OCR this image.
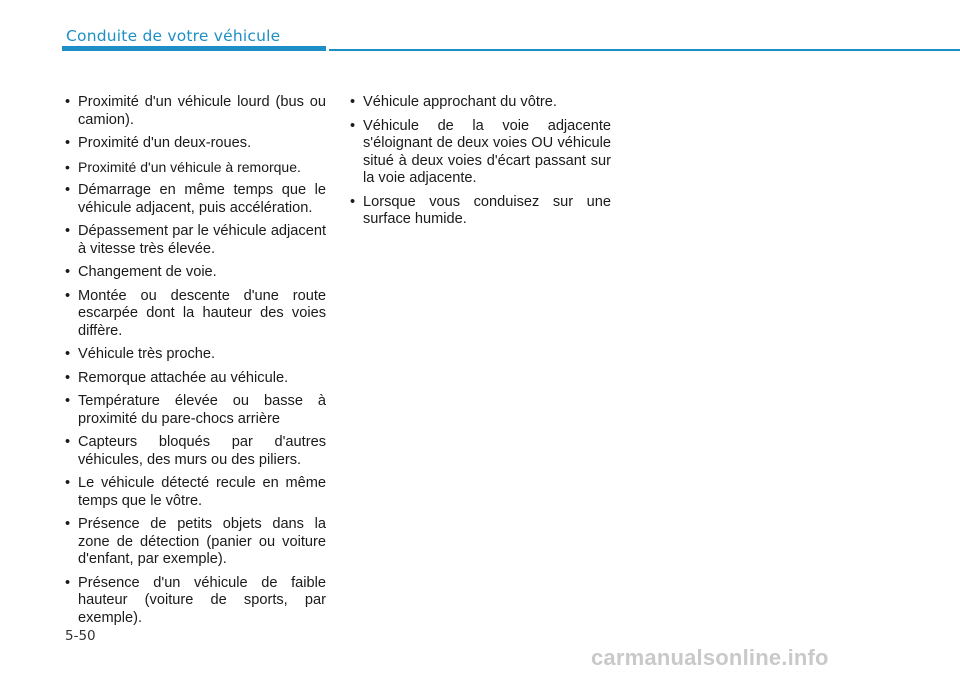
Conduite de votre véhicule
• Proximité d'un véhicule lourd (bus ou camion).
• Proximité d'un deux-roues.
• Proximité d'un véhicule à remorque.
• Démarrage en même temps que le véhicule adjacent, puis accélération.
• Dépassement par le véhicule adjacent à vitesse très élevée.
• Changement de voie.
• Montée ou descente d'une route escarpée dont la hauteur des voies diffère.
• Véhicule très proche.
• Remorque attachée au véhicule.
• Température élevée ou basse à proximité du pare-chocs arrière
• Capteurs bloqués par d'autres véhicules, des murs ou des piliers.
• Le véhicule détecté recule en même temps que le vôtre.
• Présence de petits objets dans la zone de détection (panier ou voiture d'enfant, par exemple).
• Présence d'un véhicule de faible hauteur (voiture de sports, par exemple).
• Véhicule approchant du vôtre.
• Véhicule de la voie adjacente s'éloignant de deux voies OU véhicule situé à deux voies d'écart passant sur la voie adjacente.
• Lorsque vous conduisez sur une surface humide.
5-50
carmanualsonline.info
